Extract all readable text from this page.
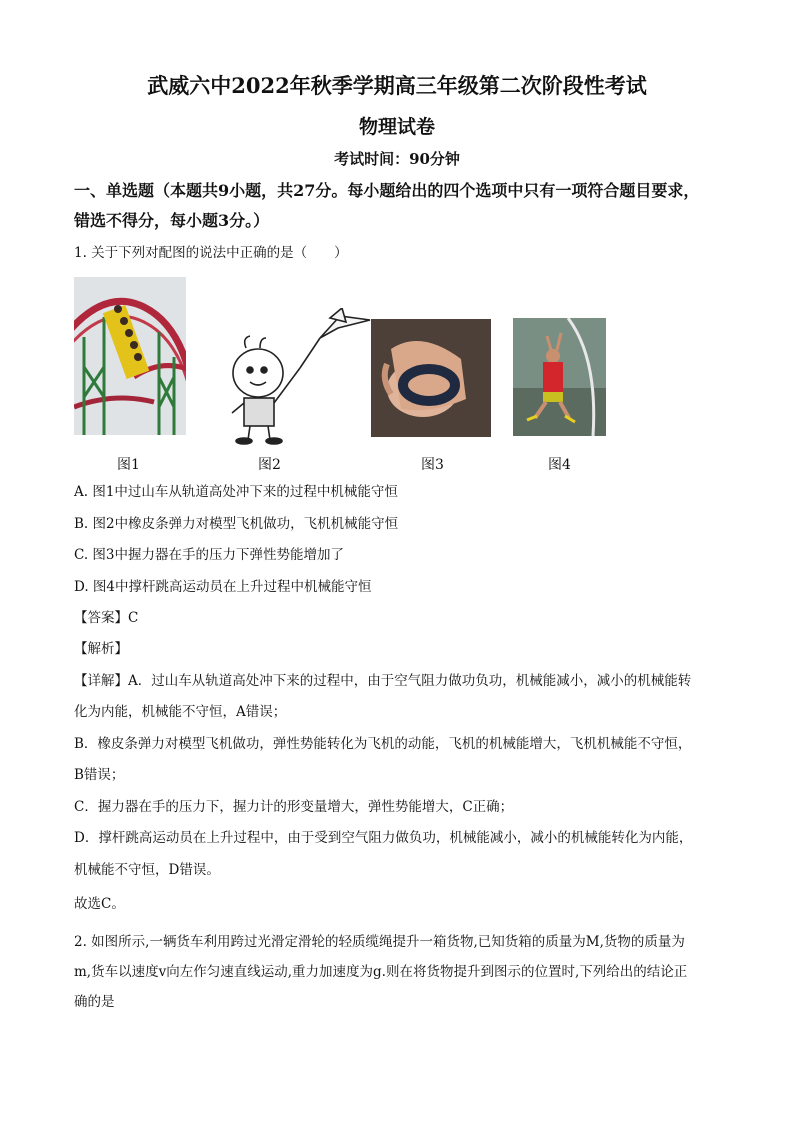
武威六中2022年秋季学期高三年级第二次阶段性考试
物理试卷
考试时间：90分钟
一、单选题（本题共9小题，共27分。每小题给出的四个选项中只有一项符合题目要求，
错选不得分，每小题3分。）
1. 关于下列对配图的说法中正确的是（　　）
图1	图2	图3	图4
A. 图1中过山车从轨道高处冲下来的过程中机械能守恒
B. 图2中橡皮条弹力对模型飞机做功，飞机机械能守恒
C. 图3中握力器在手的压力下弹性势能增加了
D. 图4中撑杆跳高运动员在上升过程中机械能守恒
【答案】C
【解析】
【详解】A．过山车从轨道高处冲下来的过程中，由于空气阻力做功负功，机械能减小，减小的机械能转
化为内能，机械能不守恒，A错误；
B．橡皮条弹力对模型飞机做功，弹性势能转化为飞机的动能，飞机的机械能增大，飞机机械能不守恒，
B错误；
C．握力器在手的压力下，握力计的形变量增大，弹性势能增大，C正确；
D．撑杆跳高运动员在上升过程中，由于受到空气阻力做负功，机械能减小，减小的机械能转化为内能，
机械能不守恒，D错误。
故选C。
2. 如图所示,一辆货车利用跨过光滑定滑轮的轻质缆绳提升一箱货物,已知货箱的质量为M,货物的质量为
m,货车以速度v向左作匀速直线运动,重力加速度为g.则在将货物提升到图示的位置时,下列给出的结论正
确的是
